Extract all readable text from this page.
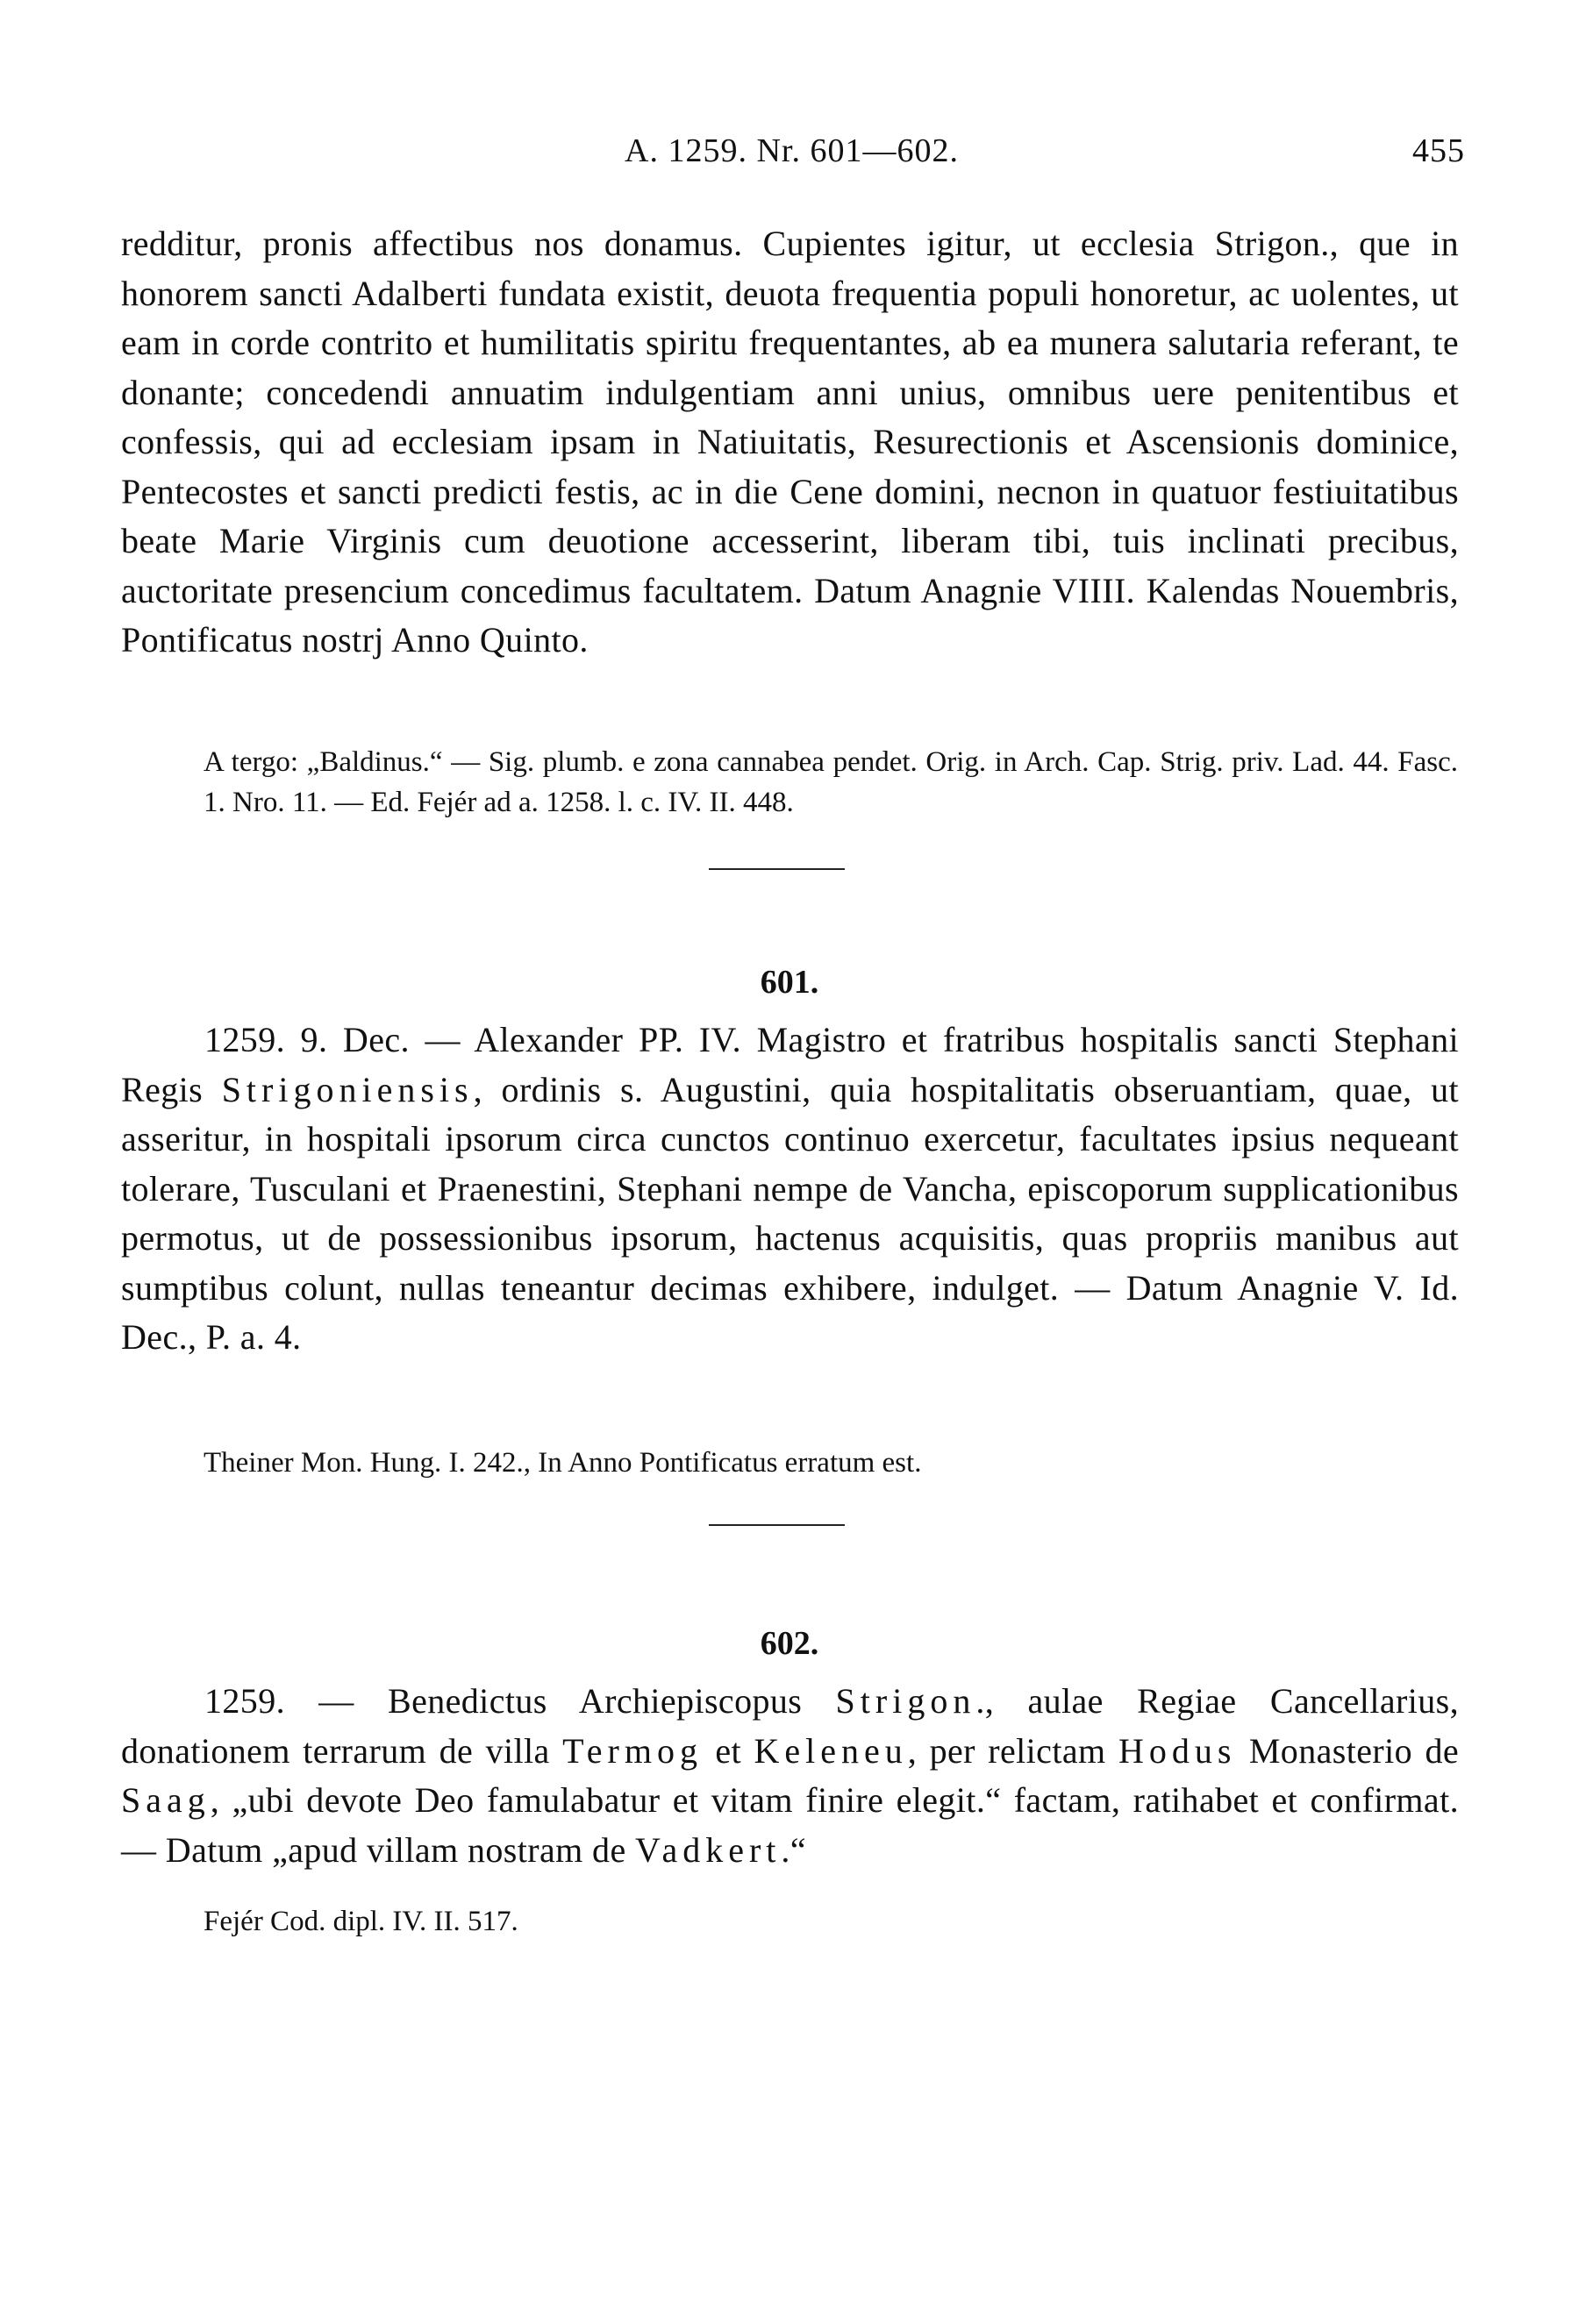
A. 1259. Nr. 601—602.	455
redditur, pronis affectibus nos donamus. Cupientes igitur, ut ecclesia Strigon., que in honorem sancti Adalberti fundata existit, deuota frequentia populi honoretur, ac uolentes, ut eam in corde contrito et humilitatis spiritu frequentantes, ab ea munera salutaria referant, te donante; concedendi annuatim indulgentiam anni unius, omnibus uere penitentibus et confessis, qui ad ecclesiam ipsam in Natiuitatis, Resurectionis et Ascensionis dominice, Pentecostes et sancti predicti festis, ac in die Cene domini, necnon in quatuor festiuitatibus beate Marie Virginis cum deuotione accesserint, liberam tibi, tuis inclinati precibus, auctoritate presencium concedimus facultatem. Datum Anagnie VIIII. Kalendas Nouembris, Pontificatus nostrj Anno Quinto.
A tergo: „Baldinus.“ — Sig. plumb. e zona cannabea pendet. Orig. in Arch. Cap. Strig. priv. Lad. 44. Fasc. 1. Nro. 11. — Ed. Fejér ad a. 1258. l. c. IV. II. 448.
601.
1259. 9. Dec. — Alexander PP. IV. Magistro et fratribus hospitalis sancti Stephani Regis Strigoniensis, ordinis s. Augustini, quia hospitalitatis obseruantiam, quae, ut asseritur, in hospitali ipsorum circa cunctos continuo exercetur, facultates ipsius nequeant tolerare, Tusculani et Praenestini, Stephani nempe de Vancha, episcoporum supplicationibus permotus, ut de possessionibus ipsorum, hactenus acquisitis, quas propriis manibus aut sumptibus colunt, nullas teneantur decimas exhibere, indulget. — Datum Anagnie V. Id. Dec., P. a. 4.
Theiner Mon. Hung. I. 242., In Anno Pontificatus erratum est.
602.
1259. — Benedictus Archiepiscopus Strigon., aulae Regiae Cancellarius, donationem terrarum de villa Termog et Keleneu, per relictam Hodus Monasterio de Saag, „ubi devote Deo famulabatur et vitam finire elegit.“ factam, ratihabet et confirmat. — Datum „apud villam nostram de Vadkert.“
Fejér Cod. dipl. IV. II. 517.
